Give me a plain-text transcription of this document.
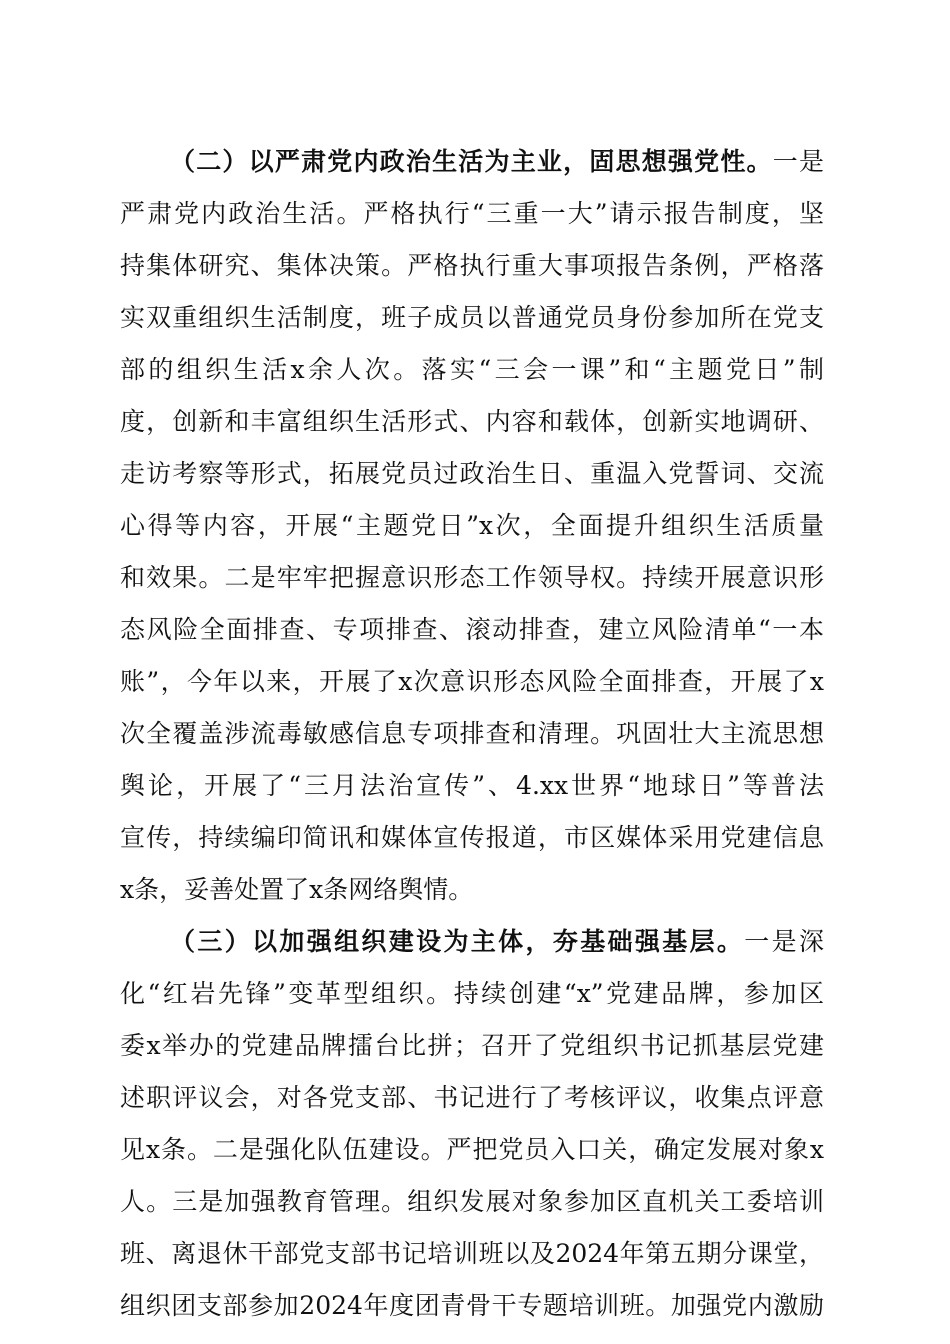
（二）以严肃党内政治生活为主业，固思想强党性。一是
严肃党内政治生活。严格执行“三重一大”请示报告制度，坚
持集体研究、集体决策。严格执行重大事项报告条例，严格落
实双重组织生活制度，班子成员以普通党员身份参加所在党支
部的组织生活x余人次。落实“三会一课”和“主题党日”制
度，创新和丰富组织生活形式、内容和载体，创新实地调研、
走访考察等形式，拓展党员过政治生日、重温入党誓词、交流
心得等内容，开展“主题党日”x次，全面提升组织生活质量
和效果。二是牢牢把握意识形态工作领导权。持续开展意识形
态风险全面排查、专项排查、滚动排查，建立风险清单“一本
账”，今年以来，开展了x次意识形态风险全面排查，开展了x
次全覆盖涉流毒敏感信息专项排查和清理。巩固壮大主流思想
舆论，开展了“三月法治宣传”、4.xx世界“地球日”等普法
宣传，持续编印简讯和媒体宣传报道，市区媒体采用党建信息
x条，妥善处置了x条网络舆情。
（三）以加强组织建设为主体，夯基础强基层。一是深
化“红岩先锋”变革型组织。持续创建“x”党建品牌，参加区
委x举办的党建品牌擂台比拼；召开了党组织书记抓基层党建
述职评议会，对各党支部、书记进行了考核评议，收集点评意
见x条。二是强化队伍建设。严把党员入口关，确定发展对象x
人。三是加强教育管理。组织发展对象参加区直机关工委培训
班、离退休干部党支部书记培训班以及2024年第五期分课堂，
组织团支部参加2024年度团青骨干专题培训班。加强党内激励
